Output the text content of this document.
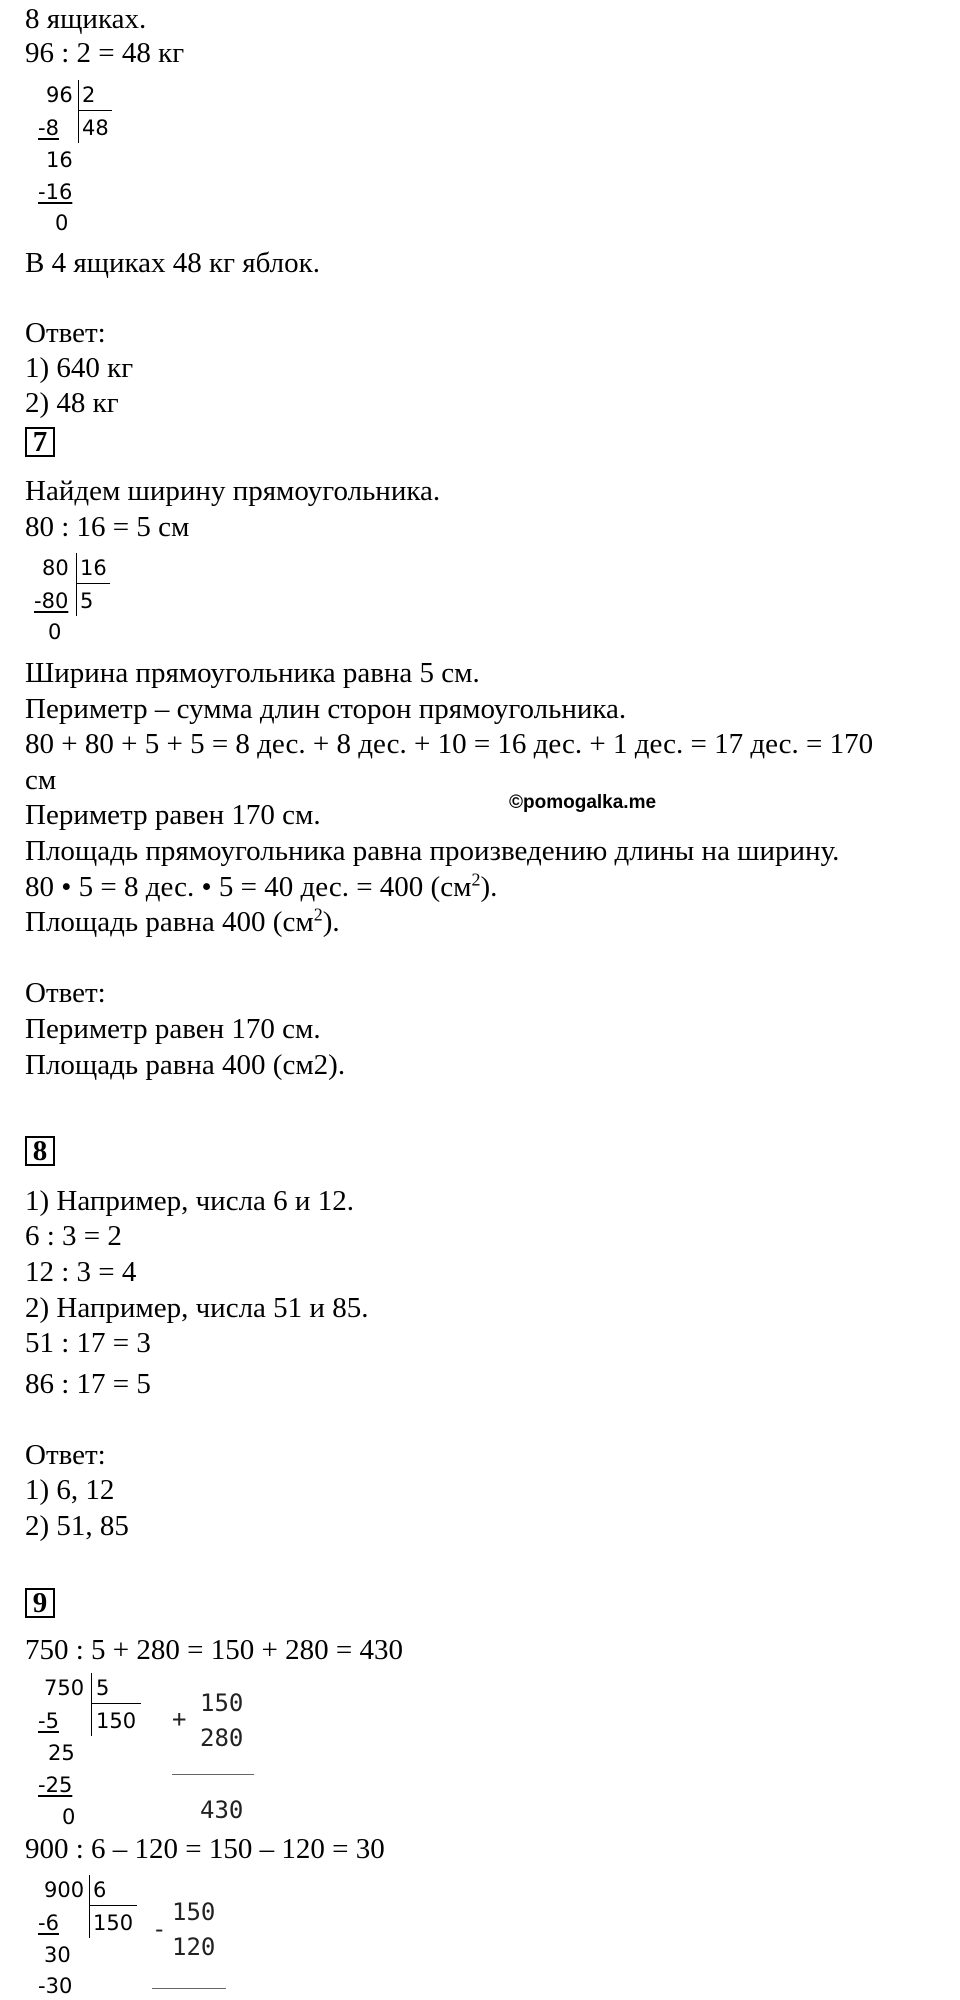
8 ящиках.
96 : 2 = 48 кг
96 2
48
-8
16
-16
0
В 4 ящиках 48 кг яблок.
Ответ:
1) 640 кг
2) 48 кг
7
Найдем ширину прямоугольника.
80 : 16 = 5 см
80 16
5
-80
0
Ширина прямоугольника равна 5 см.
Периметр – сумма длин сторон прямоугольника.
80 + 80 + 5 + 5 = 8 дес. + 8 дес. + 10 = 16 дес. + 1 дес. = 17 дес. = 170
см
©pomogalka.me
Периметр равен 170 см.
Площадь прямоугольника равна произведению длины на ширину.
80 • 5 = 8 дес. • 5 = 40 дес. = 400 $(см^2)$.
Площадь равна 400 $(см^2)$.
Ответ:
Периметр равен 170 см.
Площадь равна 400 (см2).
8
1) Например, числа 6 и 12.
6 : 3 = 2
12 : 3 = 4
2) Например, числа 51 и 85.
51 : 17 = 3
86 : 17 = 5
Ответ:
1) 6, 12
2) 51, 85
9
750 : 5 + 280 = 150 + 280 = 430
750 5
150
-5
25
-25
0
+
150
280
430
900 : 6 – 120 = 150 – 120 = 30
900 6
150
-6
30
-30
-
150
120
